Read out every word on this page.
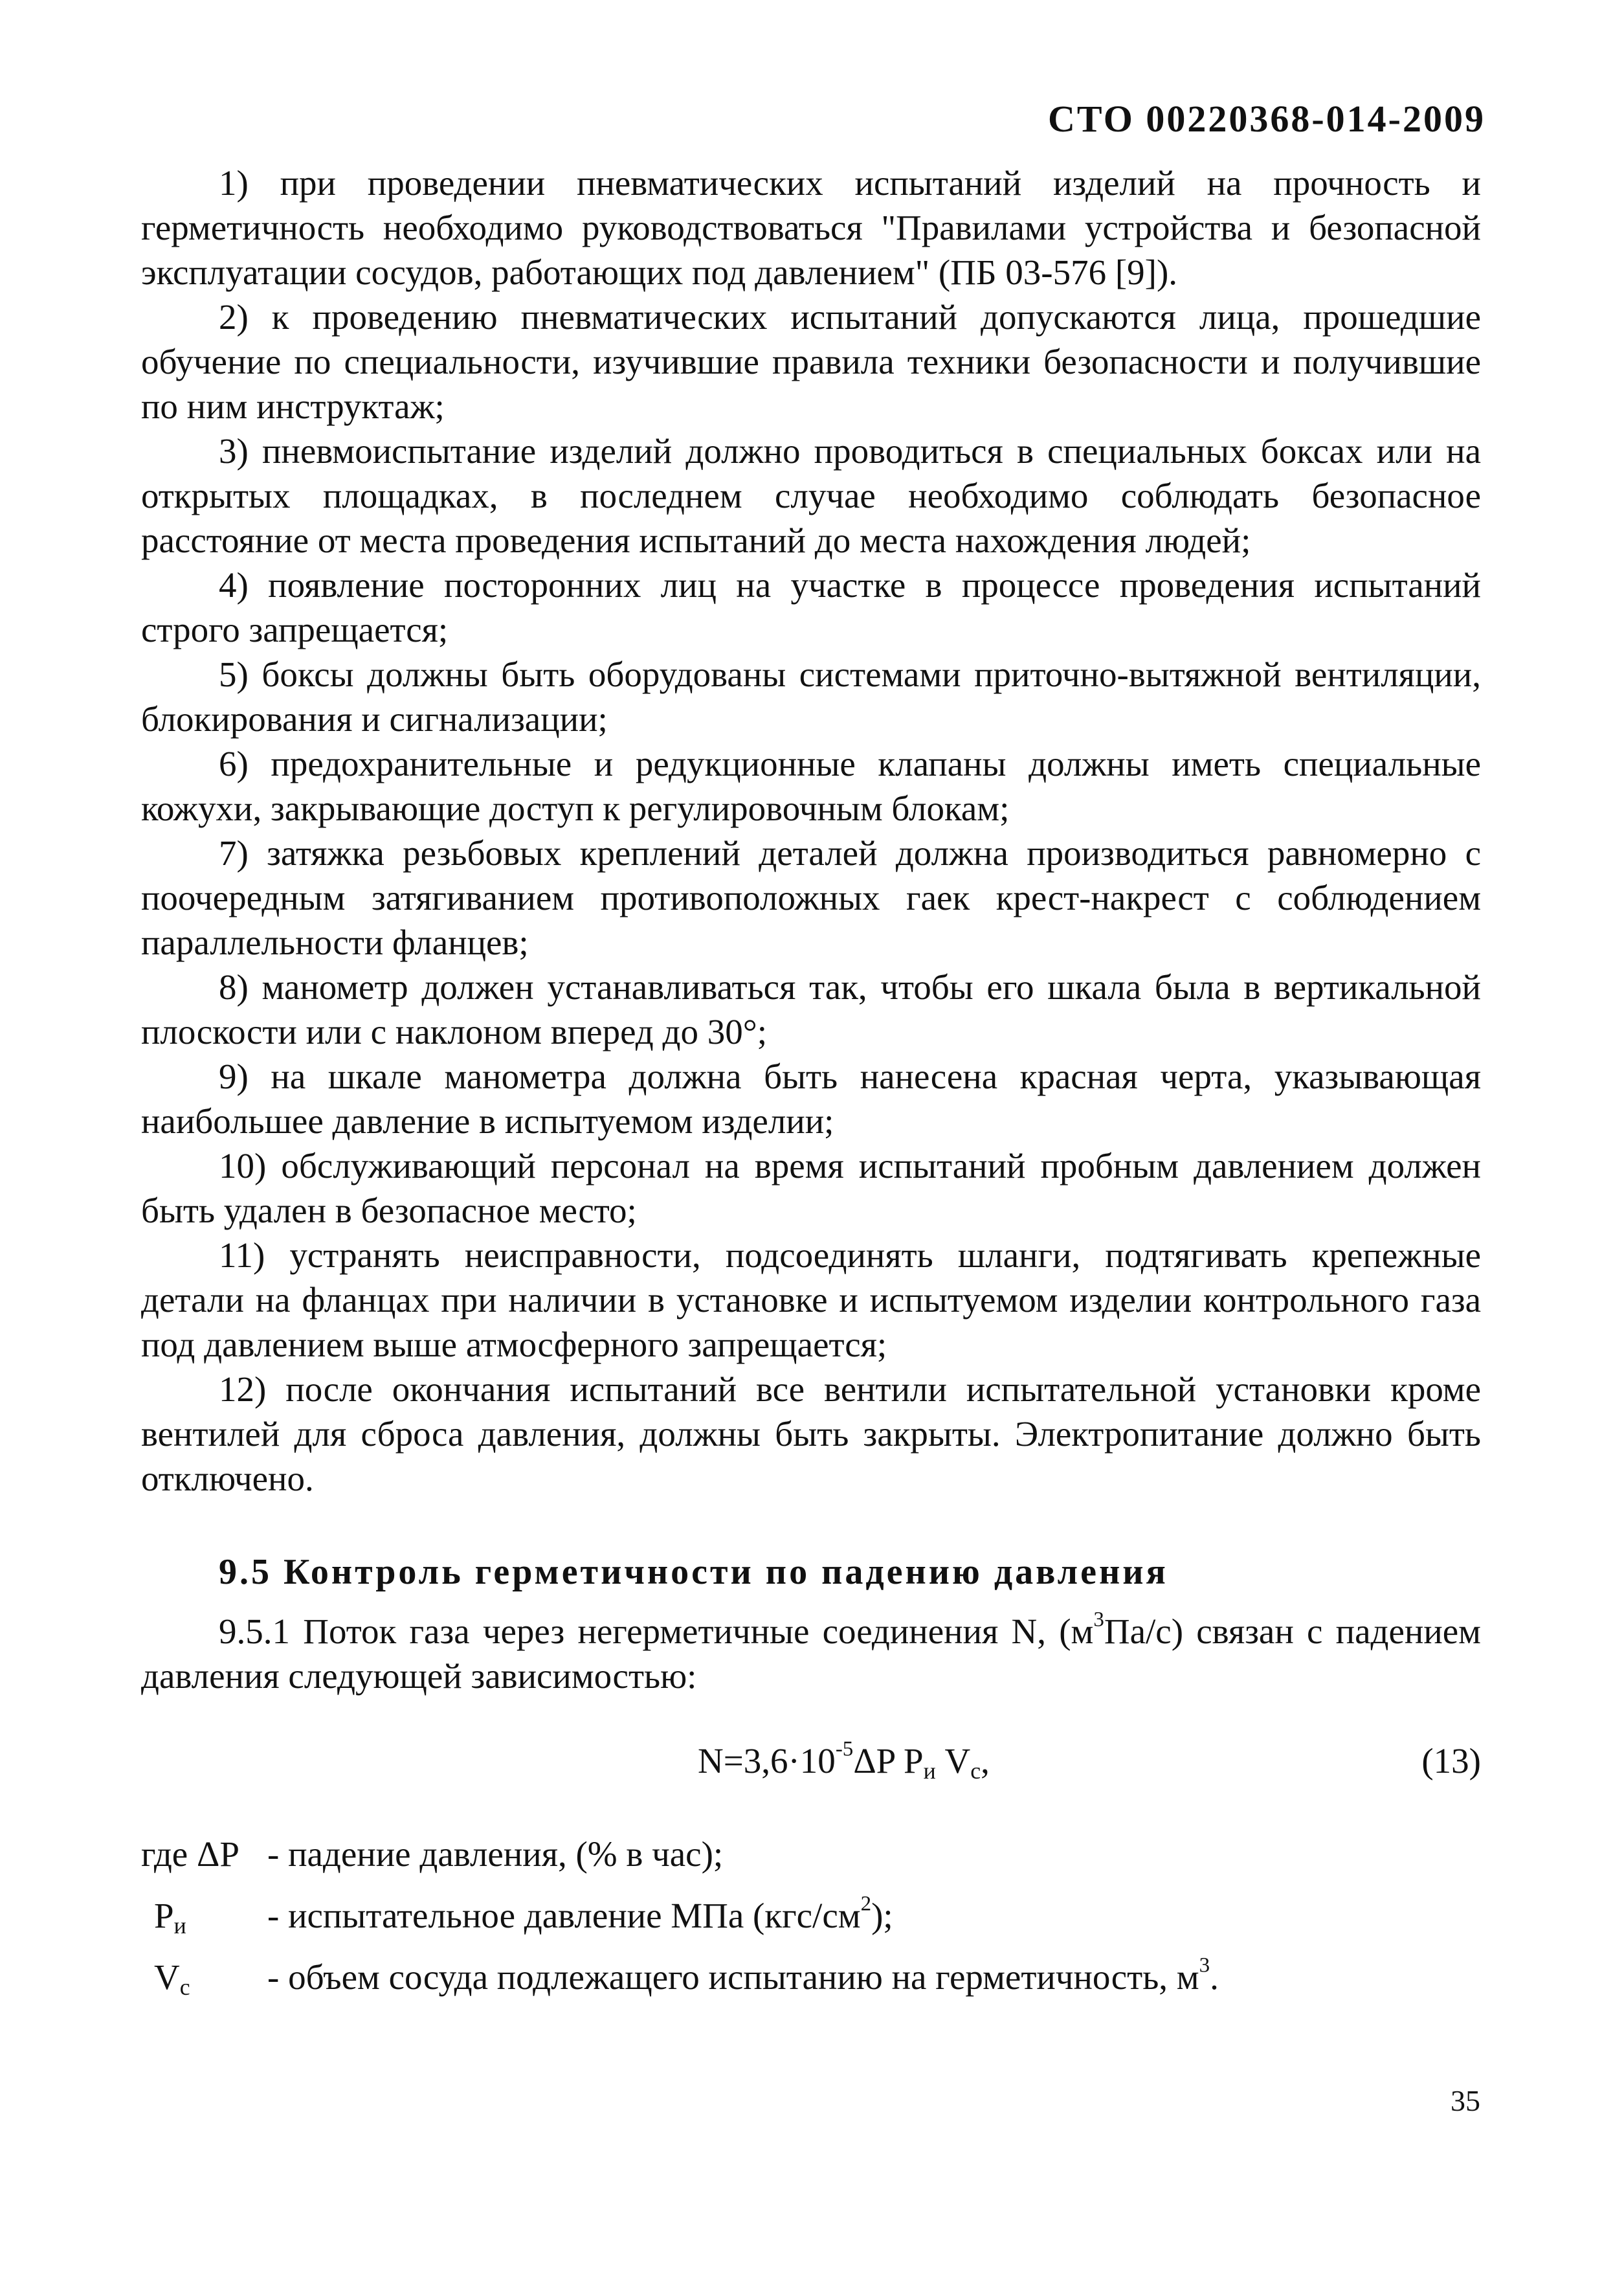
СТО 00220368-014-2009

1) при проведении пневматических испытаний изделий на прочность и герметичность необходимо руководствоваться "Правилами устройства и безопасной эксплуатации сосудов, работающих под давлением" (ПБ 03-576 [9]).

2) к проведению пневматических испытаний допускаются лица, прошедшие обучение по специальности, изучившие правила техники безопасности и получившие по ним инструктаж;

3) пневмоиспытание изделий должно проводиться в специальных боксах или на открытых площадках, в последнем случае необходимо соблюдать безопасное расстояние от места проведения испытаний до места нахождения людей;

4) появление посторонних лиц на участке в процессе проведения испытаний строго запрещается;

5) боксы должны быть оборудованы системами приточно-вытяжной вентиляции, блокирования и сигнализации;

6) предохранительные и редукционные клапаны должны иметь специальные кожухи, закрывающие доступ к регулировочным блокам;

7) затяжка резьбовых креплений деталей должна производиться равномерно с поочередным затягиванием противоположных гаек крест-накрест с соблюдением параллельности фланцев;

8) манометр должен устанавливаться так, чтобы его шкала была в вертикальной плоскости или с наклоном вперед до 30°;

9) на шкале манометра должна быть нанесена красная черта, указывающая наибольшее давление в испытуемом изделии;

10) обслуживающий персонал на время испытаний пробным давлением должен быть удален в безопасное место;

11) устранять неисправности, подсоединять шланги, подтягивать крепежные детали на фланцах при наличии в установке и испытуемом изделии контрольного газа под давлением выше атмосферного запрещается;

12) после окончания испытаний все вентили испытательной установки кроме вентилей для сброса давления, должны быть закрыты. Электропитание должно быть отключено.

9.5 Контроль герметичности по падению давления

9.5.1 Поток газа через негерметичные соединения N, $(м^3Па/с)$ связан с падением давления следующей зависимостью:

$N=3,6\cdot 10^{-5}\Delta P$ $P_и$ $V_с$,	(13)
где ΔP - падение давления, (% в час);
$P_и$ - испытательное давление МПа $(кгс/см^2)$;
$V_с$ - объем сосуда подлежащего испытанию на герметичность, $м^3$.
35
